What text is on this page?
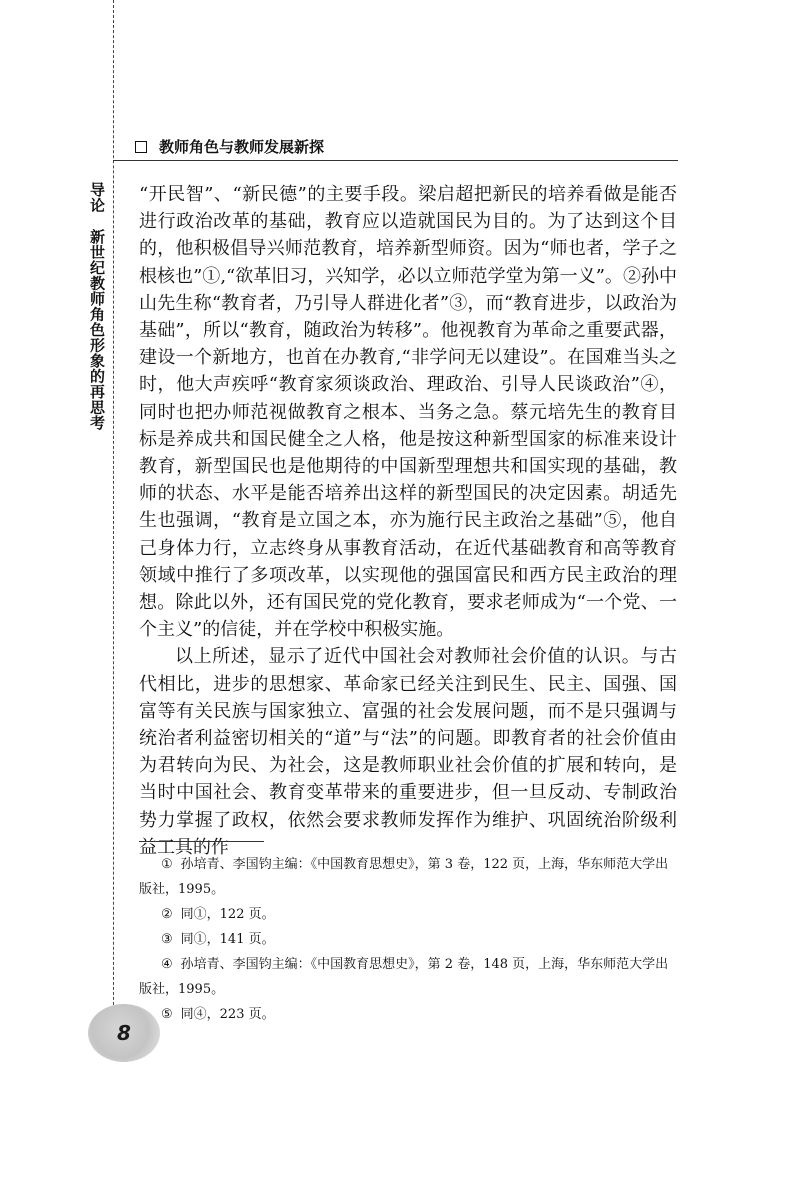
导论新世纪教师角色形象的再思考
教师角色与教师发展新探

“开民智”、“新民德”的主要手段。梁启超把新民的培养看做是能否进行政治改革的基础，教育应以造就国民为目的。为了达到这个目的，他积极倡导兴师范教育，培养新型师资。因为“师也者，学子之根核也”①,“欲革旧习，兴知学，必以立师范学堂为第一义”。②孙中山先生称“教育者，乃引导人群进化者”③，而“教育进步，以政治为基础”，所以“教育，随政治为转移”。他视教育为革命之重要武器，建设一个新地方，也首在办教育,“非学问无以建设”。在国难当头之时，他大声疾呼“教育家须谈政治、理政治、引导人民谈政治”④，同时也把办师范视做教育之根本、当务之急。蔡元培先生的教育目标是养成共和国民健全之人格，他是按这种新型国家的标准来设计教育，新型国民也是他期待的中国新型理想共和国实现的基础，教师的状态、水平是能否培养出这样的新型国民的决定因素。胡适先生也强调，“教育是立国之本，亦为施行民主政治之基础”⑤，他自己身体力行，立志终身从事教育活动，在近代基础教育和高等教育领域中推行了多项改革，以实现他的强国富民和西方民主政治的理想。除此以外，还有国民党的党化教育，要求老师成为“一个党、一个主义”的信徒，并在学校中积极实施。

以上所述，显示了近代中国社会对教师社会价值的认识。与古代相比，进步的思想家、革命家已经关注到民生、民主、国强、国富等有关民族与国家独立、富强的社会发展问题，而不是只强调与统治者利益密切相关的“道”与“法”的问题。即教育者的社会价值由为君转向为民、为社会，这是教师职业社会价值的扩展和转向，是当时中国社会、教育变革带来的重要进步，但一旦反动、专制政治势力掌握了政权，依然会要求教师发挥作为维护、巩固统治阶级利益工具的作

① 孙培青、李国钧主编：《中国教育思想史》，第 3 卷，122 页，上海，华东师范大学出版社，1995。

② 同①，122 页。

③ 同①，141 页。

④ 孙培青、李国钧主编：《中国教育思想史》，第 2 卷，148 页，上海，华东师范大学出版社，1995。

⑤ 同④，223 页。

8
